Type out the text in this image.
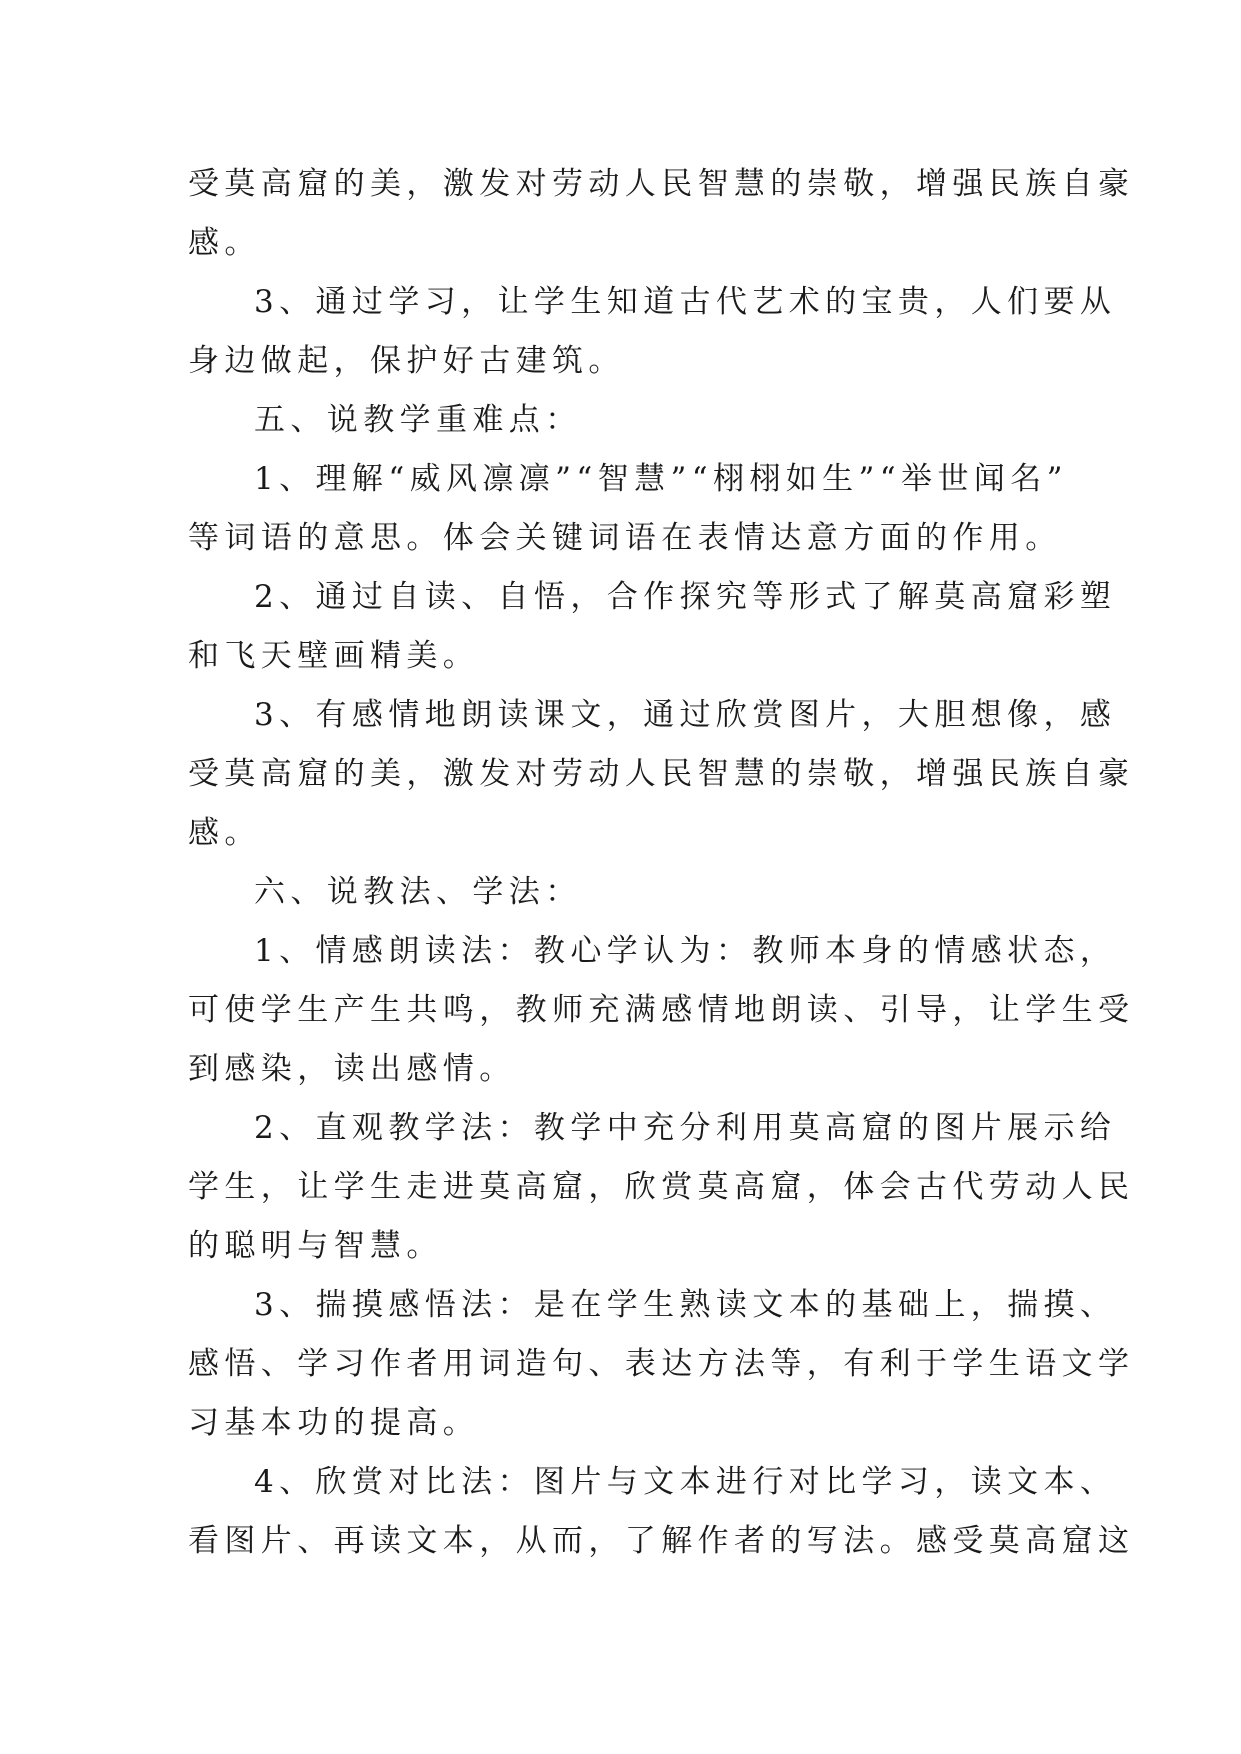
受莫高窟的美，激发对劳动人民智慧的崇敬，增强民族自豪
感。
3、通过学习，让学生知道古代艺术的宝贵，人们要从
身边做起，保护好古建筑。
五、说教学重难点：
1、理解“威风凛凛”“智慧”“栩栩如生”“举世闻名”
等词语的意思。体会关键词语在表情达意方面的作用。
2、通过自读、自悟，合作探究等形式了解莫高窟彩塑
和飞天壁画精美。
3、有感情地朗读课文，通过欣赏图片，大胆想像，感
受莫高窟的美，激发对劳动人民智慧的崇敬，增强民族自豪
感。
六、说教法、学法：
1、情感朗读法：教心学认为：教师本身的情感状态，
可使学生产生共鸣，教师充满感情地朗读、引导，让学生受
到感染，读出感情。
2、直观教学法：教学中充分利用莫高窟的图片展示给
学生，让学生走进莫高窟，欣赏莫高窟，体会古代劳动人民
的聪明与智慧。
3、揣摸感悟法：是在学生熟读文本的基础上，揣摸、
感悟、学习作者用词造句、表达方法等，有利于学生语文学
习基本功的提高。
4、欣赏对比法：图片与文本进行对比学习，读文本、
看图片、再读文本，从而，了解作者的写法。感受莫高窟这
